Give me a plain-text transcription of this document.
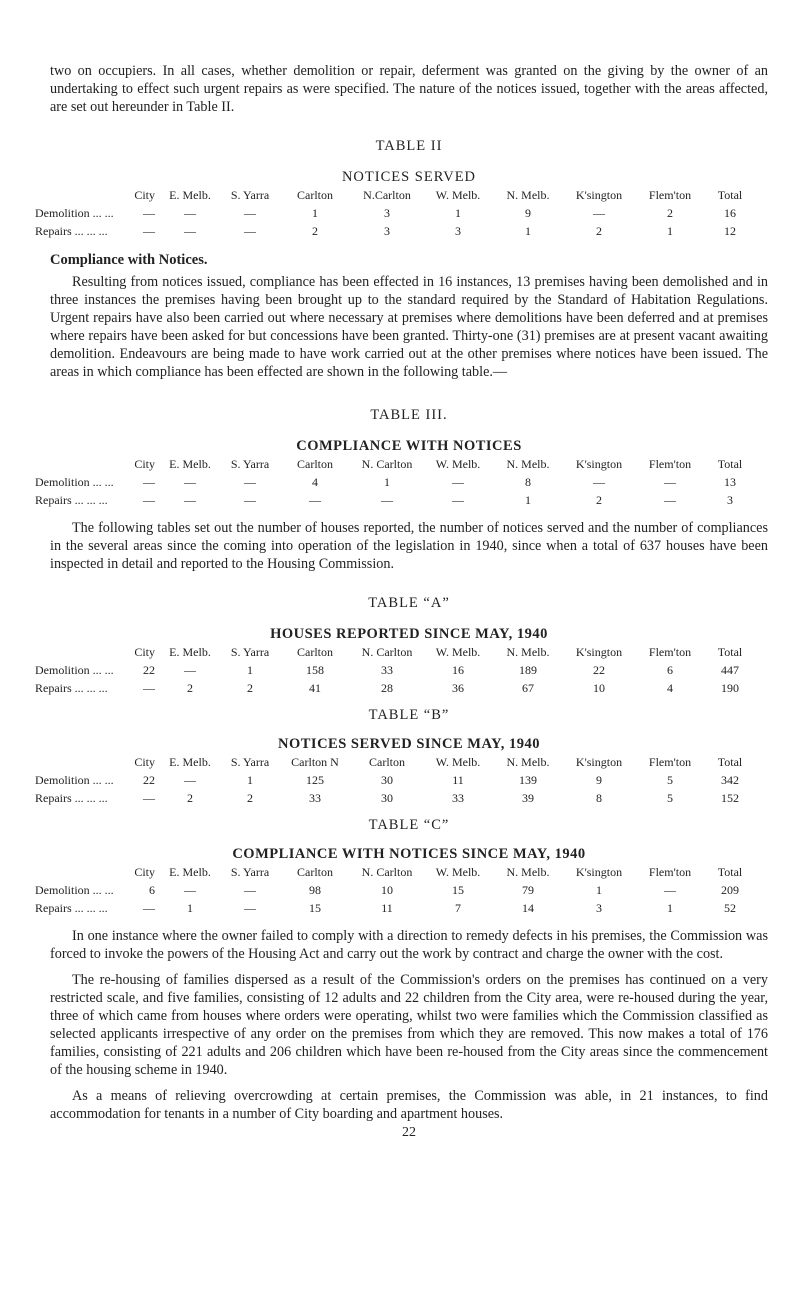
two on occupiers. In all cases, whether demolition or repair, deferment was granted on the giving by the owner of an undertaking to effect such urgent repairs as were specified. The nature of the notices issued, together with the areas affected, are set out hereunder in Table II.

TABLE II
NOTICES SERVED
	City	E. Melb.	S. Yarra	Carlton	N.Carlton	W. Melb.	N. Melb.	K'sington	Flem'ton	Total
Demolition ... ...	—	—	—	1	3	1	9	—	2	16
Repairs ... ... ...	—	—	—	2	3	3	1	2	1	12
Compliance with Notices.

Resulting from notices issued, compliance has been effected in 16 instances, 13 premises having been demolished and in three instances the premises having been brought up to the standard required by the Standard of Habitation Regulations. Urgent repairs have also been carried out where necessary at premises where demolitions have been deferred and at premises where repairs have been asked for but concessions have been granted. Thirty-one (31) premises are at present vacant awaiting demolition. Endeavours are being made to have work carried out at the other premises where notices have been issued. The areas in which compliance has been effected are shown in the following table.—

TABLE III.
COMPLIANCE WITH NOTICES
	City	E. Melb.	S. Yarra	Carlton	N. Carlton	W. Melb.	N. Melb.	K'sington	Flem'ton	Total
Demolition ... ...	—	—	—	4	1	—	8	—	—	13
Repairs ... ... ...	—	—	—	—	—	—	1	2	—	3

The following tables set out the number of houses reported, the number of notices served and the number of compliances in the several areas since the coming into operation of the legislation in 1940, since when a total of 637 houses have been inspected in detail and reported to the Housing Commission.

TABLE “A”
HOUSES REPORTED SINCE MAY, 1940
	City	E. Melb.	S. Yarra	Carlton	N. Carlton	W. Melb.	N. Melb.	K'sington	Flem'ton	Total
Demolition ... ...	22	—	1	158	33	16	189	22	6	447
Repairs ... ... ...	—	2	2	41	28	36	67	10	4	190
TABLE “B”
NOTICES SERVED SINCE MAY, 1940
	City	E. Melb.	S. Yarra	Carlton N	Carlton	W. Melb.	N. Melb.	K'sington	Flem'ton	Total
Demolition ... ...	22	—	1	125	30	11	139	9	5	342
Repairs ... ... ...	—	2	2	33	30	33	39	8	5	152
TABLE “C”
COMPLIANCE WITH NOTICES SINCE MAY, 1940
	City	E. Melb.	S. Yarra	Carlton	N. Carlton	W. Melb.	N. Melb.	K'sington	Flem'ton	Total
Demolition ... ...	6	—	—	98	10	15	79	1	—	209
Repairs ... ... ...	—	1	—	15	11	7	14	3	1	52

In one instance where the owner failed to comply with a direction to remedy defects in his premises, the Commission was forced to invoke the powers of the Housing Act and carry out the work by contract and charge the owner with the cost.

The re-housing of families dispersed as a result of the Commission's orders on the premises has continued on a very restricted scale, and five families, consisting of 12 adults and 22 children from the City area, were re-housed during the year, three of which came from houses where orders were operating, whilst two were families which the Commission classified as selected applicants irrespective of any order on the premises from which they are removed. This now makes a total of 176 families, consisting of 221 adults and 206 children which have been re-housed from the City areas since the commencement of the housing scheme in 1940.

As a means of relieving overcrowding at certain premises, the Commission was able, in 21 instances, to find accommodation for tenants in a number of City boarding and apartment houses.

22
